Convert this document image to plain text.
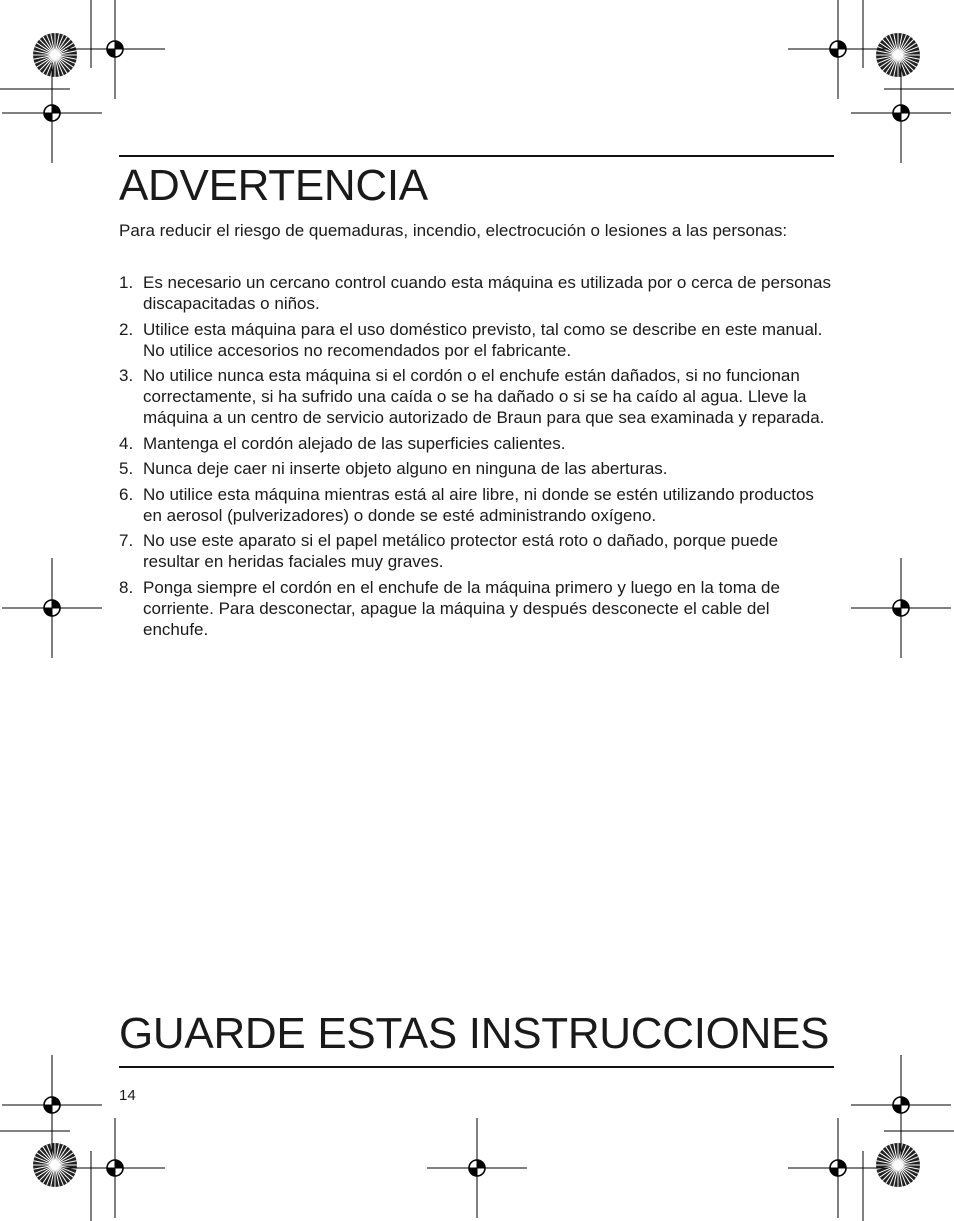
ADVERTENCIA

Para reducir el riesgo de quemaduras, incendio, electrocución o lesiones a las personas:

1. Es necesario un cercano control cuando esta máquina es utilizada por o cerca de personas discapacitadas o niños.
2. Utilice esta máquina para el uso doméstico previsto, tal como se describe en este manual.
No utilice accesorios no recomendados por el fabricante.
3. No utilice nunca esta máquina si el cordón o el enchufe están dañados, si no funcionan correctamente, si ha sufrido una caída o se ha dañado o si se ha caído al agua. Lleve la máquina a un centro de servicio autorizado de Braun para que sea examinada y reparada.
4. Mantenga el cordón alejado de las superficies calientes.
5. Nunca deje caer ni inserte objeto alguno en ninguna de las aberturas.
6. No utilice esta máquina mientras está al aire libre, ni donde se estén utilizando productos en aerosol (pulverizadores) o donde se esté administrando oxígeno.
7. No use este aparato si el papel metálico protector está roto o dañado, porque puede resultar en heridas faciales muy graves.
8. Ponga siempre el cordón en el enchufe de la máquina primero y luego en la toma de corriente. Para desconectar, apague la máquina y después desconecte el cable del enchufe.
GUARDE ESTAS INSTRUCCIONES
14
